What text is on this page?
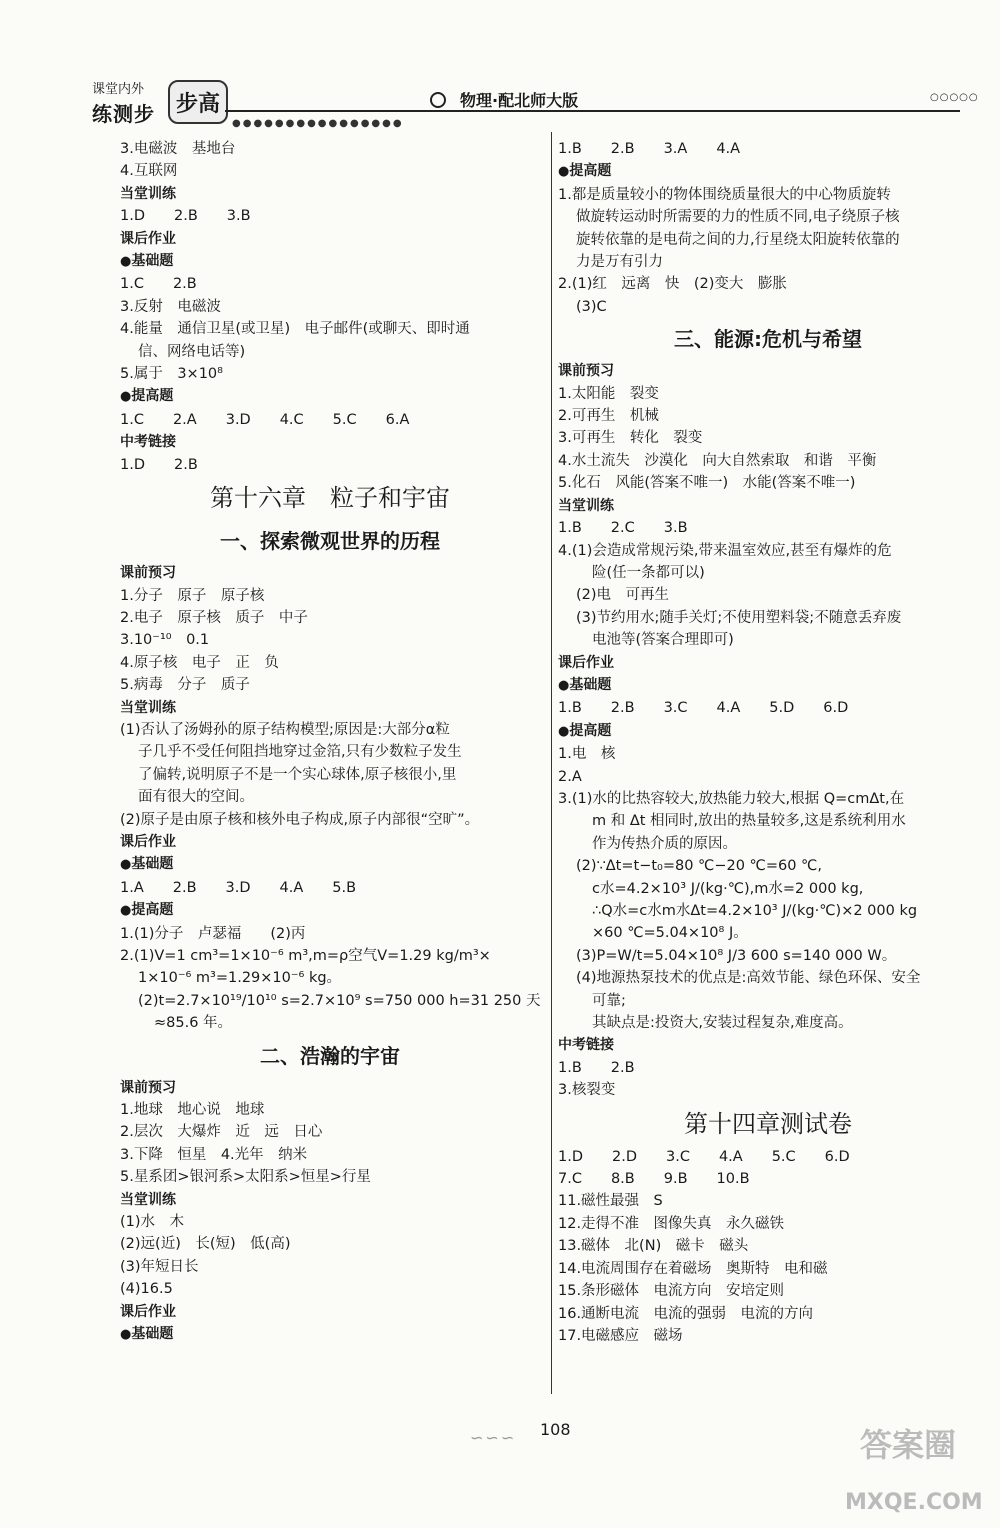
课堂内外
练测步 步高
●●●●●●●●●●●●●●●●
物理·配北师大版	○○○○○
3.电磁波　基地台
4.互联网
当堂训练
1.D　　2.B　　3.B
课后作业
● 基础题
1.C　　2.B
3.反射　电磁波
4.能量　通信卫星(或卫星)　电子邮件(或聊天、即时通
信、网络电话等)
5.属于　3×10⁸
● 提高题
1.C　　2.A　　3.D　　4.C　　5.C　　6.A
中考链接
1.D　　2.B
第十六章　粒子和宇宙
一、探索微观世界的历程
课前预习
1.分子　原子　原子核
2.电子　原子核　质子　中子
3.10⁻¹⁰　0.1
4.原子核　电子　正　负
5.病毒　分子　质子
当堂训练
(1)否认了汤姆孙的原子结构模型;原因是:大部分α粒
子几乎不受任何阻挡地穿过金箔,只有少数粒子发生
了偏转,说明原子不是一个实心球体,原子核很小,里
面有很大的空间。
(2)原子是由原子核和核外电子构成,原子内部很“空旷”。
课后作业
● 基础题
1.A　　2.B　　3.D　　4.A　　5.B
● 提高题
1.(1)分子　卢瑟福　　(2)丙
2.(1)V=1 cm³=1×10⁻⁶ m³,m=ρ空气V=1.29 kg/m³×
1×10⁻⁶ m³=1.29×10⁻⁶ kg。
(2)t=2.7×10¹⁹/10¹⁰ s=2.7×10⁹ s=750 000 h=31 250 天
≈85.6 年。
二、浩瀚的宇宙
课前预习
1.地球　地心说　地球
2.层次　大爆炸　近　远　日心
3.下降　恒星　4.光年　纳米
5.星系团>银河系>太阳系>恒星>行星
当堂训练
(1)水　木
(2)远(近)　长(短)　低(高)
(3)年短日长
(4)16.5
课后作业
● 基础题
1.B　　2.B　　3.A　　4.A
● 提高题
1.都是质量较小的物体围绕质量很大的中心物质旋转
做旋转运动时所需要的力的性质不同,电子绕原子核
旋转依靠的是电荷之间的力,行星绕太阳旋转依靠的
力是万有引力
2.(1)红　远离　快　(2)变大　膨胀
(3)C
三、能源:危机与希望
课前预习
1.太阳能　裂变
2.可再生　机械
3.可再生　转化　裂变
4.水土流失　沙漠化　向大自然索取　和谐　平衡
5.化石　风能(答案不唯一)　水能(答案不唯一)
当堂训练
1.B　　2.C　　3.B
4.(1)会造成常规污染,带来温室效应,甚至有爆炸的危
险(任一条都可以)
(2)电　可再生
(3)节约用水;随手关灯;不使用塑料袋;不随意丢弃废
电池等(答案合理即可)
课后作业
● 基础题
1.B　　2.B　　3.C　　4.A　　5.D　　6.D
● 提高题
1.电　核
2.A
3.(1)水的比热容较大,放热能力较大,根据 Q=cmΔt,在
m 和 Δt 相同时,放出的热量较多,这是系统利用水
作为传热介质的原因。
(2)∵Δt=t−t₀=80 ℃−20 ℃=60 ℃,
c水=4.2×10³ J/(kg·℃),m水=2 000 kg,
∴Q水=c水m水Δt=4.2×10³ J/(kg·℃)×2 000 kg
×60 ℃=5.04×10⁸ J。
(3)P=W/t=5.04×10⁸ J/3 600 s=140 000 W。
(4)地源热泵技术的优点是:高效节能、绿色环保、安全
可靠;
其缺点是:投资大,安装过程复杂,难度高。
中考链接
1.B　　2.B
3.核裂变
第十四章测试卷
1.D　　2.D　　3.C　　4.A　　5.C　　6.D
7.C　　8.B　　9.B　　10.B
11.磁性最强　S
12.走得不准　图像失真　永久磁铁
13.磁体　北(N)　磁卡　磁头
14.电流周围存在着磁场　奥斯特　电和磁
15.条形磁体　电流方向　安培定则
16.通断电流　电流的强弱　电流的方向
17.电磁感应　磁场
∽∽∽ 108	答案圈
MXQE.COM
